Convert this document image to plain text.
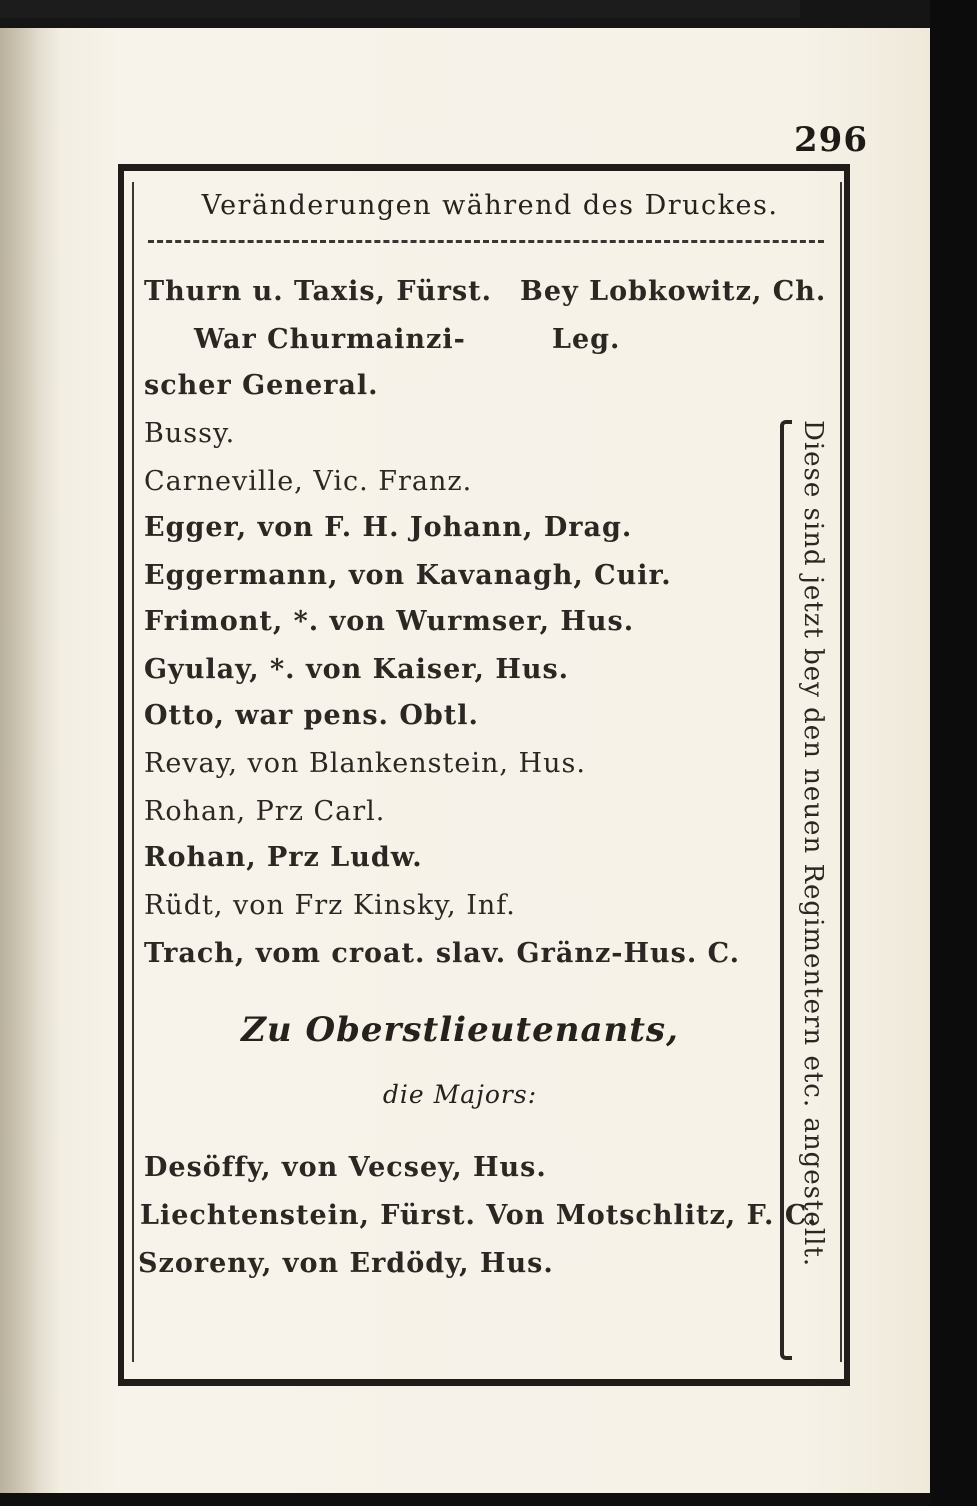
296
Veränderungen während des Druckes.
Thurn u. Taxis, Fürst.
War Churmainzi-
scher General.
Bey Lobkowitz, Ch.
Leg.
Bussy.
Carneville, Vic. Franz.
Egger, von F. H. Johann, Drag.
Eggermann, von Kavanagh, Cuir.
Frimont, *. von Wurmser, Hus.
Gyulay, *. von Kaiser, Hus.
Otto, war pens. Obtl.
Revay, von Blankenstein, Hus.
Rohan, Prz Carl.
Rohan, Prz Ludw.
Rüdt, von Frz Kinsky, Inf.
Trach, vom croat. slav. Gränz-Hus. C.
Zu Oberstlieutenants,
die Majors:
Desöffy, von Vecsey, Hus.
Liechtenstein, Fürst. Von Motschlitz, F. C.
Szoreny, von Erdödy, Hus.	Diese sind jetzt bey den neuen Regimentern etc. angestellt.
